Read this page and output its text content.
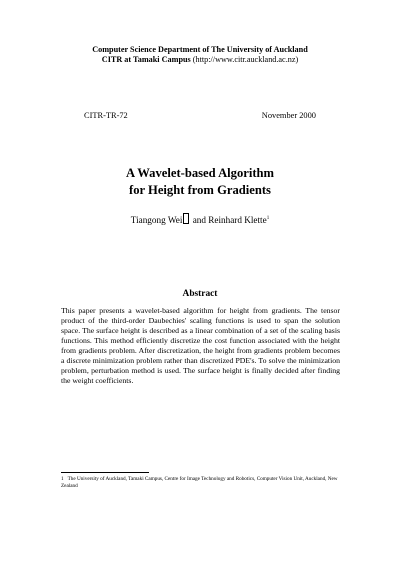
Computer Science Department of The University of Auckland
CITR at Tamaki Campus (http://www.citr.auckland.ac.nz)
CITR-TR-72	November 2000
A Wavelet-based Algorithm
for Height from Gradients
Tiangong Wei and Reinhard Klette$^1$
Abstract
This paper presents a wavelet-based algorithm for height from gradients. The tensor product of the third-order Daubechies' scaling functions is used to span the solution space. The surface height is described as a linear combination of a set of the scaling basis functions. This method efficiently discretize the cost function associated with the height from gradients problem. After discretization, the height from gradients problem becomes a discrete minimization problem rather than discretized PDE's. To solve the minimization problem, perturbation method is used. The surface height is finally decided after finding the weight coefficients.
1 The University of Auckland, Tamaki Campus, Centre for Image Technology and Robotics, Computer Vision Unit, Auckland, New Zealand
